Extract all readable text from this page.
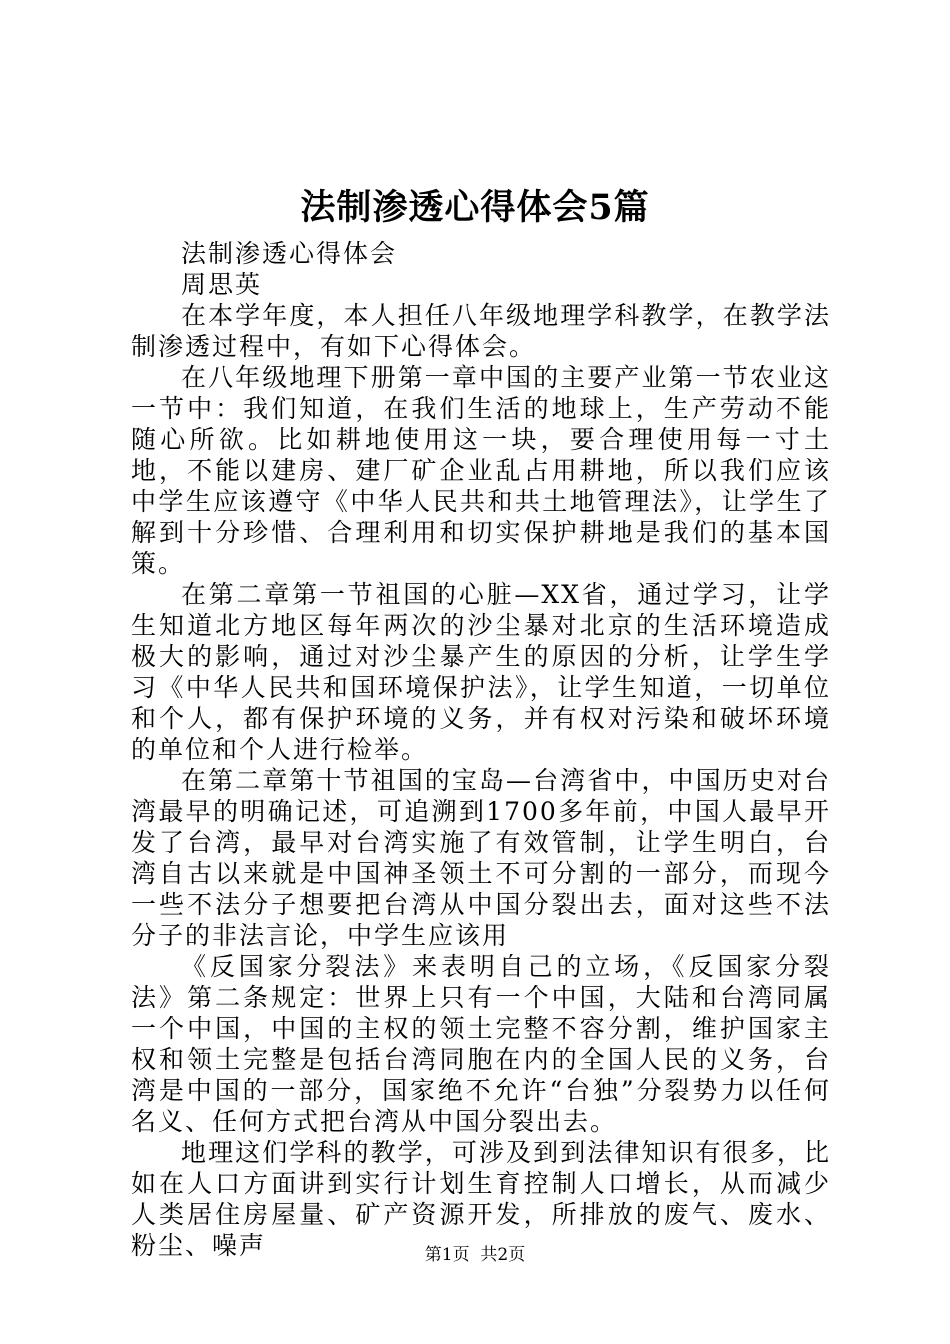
法制渗透心得体会5篇

法制渗透心得体会

周思英

在本学年度，本人担任八年级地理学科教学，在教学法制渗透过程中，有如下心得体会。

在八年级地理下册第一章中国的主要产业第一节农业这一节中：我们知道，在我们生活的地球上，生产劳动不能随心所欲。比如耕地使用这一块，要合理使用每一寸土地，不能以建房、建厂矿企业乱占用耕地，所以我们应该中学生应该遵守《中华人民共和共土地管理法》，让学生了解到十分珍惜、合理利用和切实保护耕地是我们的基本国策。

在第二章第一节祖国的心脏—XX省，通过学习，让学生知道北方地区每年两次的沙尘暴对北京的生活环境造成极大的影响，通过对沙尘暴产生的原因的分析，让学生学习《中华人民共和国环境保护法》，让学生知道，一切单位和个人，都有保护环境的义务，并有权对污染和破坏环境的单位和个人进行检举。

在第二章第十节祖国的宝岛—台湾省中，中国历史对台湾最早的明确记述，可追溯到1700多年前，中国人最早开发了台湾，最早对台湾实施了有效管制，让学生明白，台湾自古以来就是中国神圣领土不可分割的一部分，而现今一些不法分子想要把台湾从中国分裂出去，面对这些不法分子的非法言论，中学生应该用

《反国家分裂法》来表明自己的立场，《反国家分裂法》第二条规定：世界上只有一个中国，大陆和台湾同属一个中国，中国的主权的领土完整不容分割，维护国家主权和领土完整是包括台湾同胞在内的全国人民的义务，台湾是中国的一部分，国家绝不允许“台独”分裂势力以任何名义、任何方式把台湾从中国分裂出去。

地理这们学科的教学，可涉及到到法律知识有很多，比如在人口方面讲到实行计划生育控制人口增长，从而减少人类居住房屋量、矿产资源开发，所排放的废气、废水、粉尘、噪声	第1页  共2页
